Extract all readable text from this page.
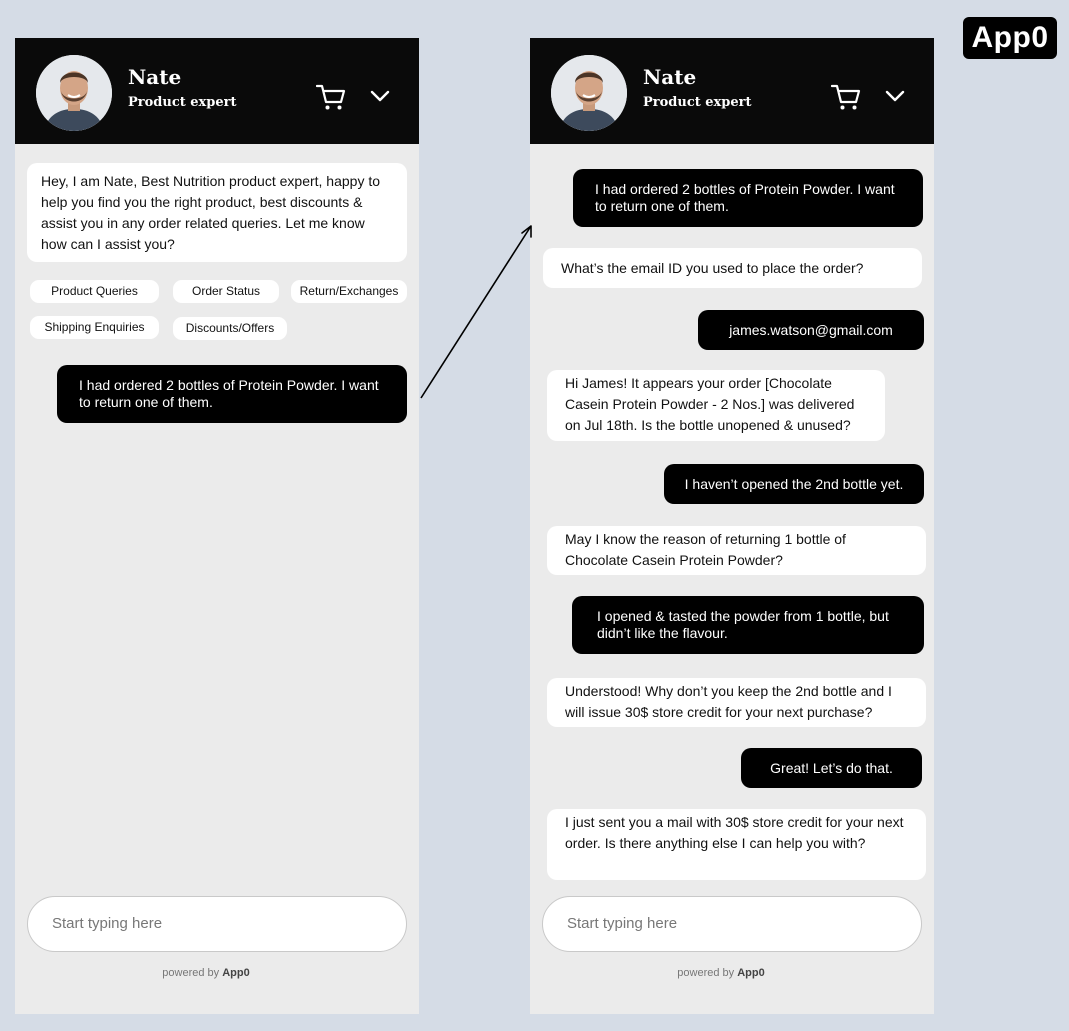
App0
Nate
Product expert
Hey, I am Nate, Best Nutrition product expert, happy to help you find you the right product, best discounts & assist you in any order related queries. Let me know how can I assist you?
Product Queries	Order Status	Return/Exchanges
Shipping Enquiries	Discounts/Offers
I had ordered 2 bottles of Protein Powder. I want to return one of them.
Start typing here
powered by App0
Nate
Product expert
I had ordered 2 bottles of Protein Powder. I want to return one of them.
What’s the email ID you used to place the order?
james.watson@gmail.com
Hi James! It appears your order [Chocolate Casein Protein Powder - 2 Nos.] was delivered on Jul 18th. Is the bottle unopened & unused?
I haven’t opened the 2nd bottle yet.
May I know the reason of returning 1 bottle of Chocolate Casein Protein Powder?
I opened & tasted the powder from 1 bottle, but didn’t like the flavour.
Understood! Why don’t you keep the 2nd bottle and I will issue 30$ store credit for your next purchase?
Great! Let’s do that.
I just sent you a mail with 30$ store credit for your next order. Is there anything else I can help you with?
Start typing here
powered by App0
